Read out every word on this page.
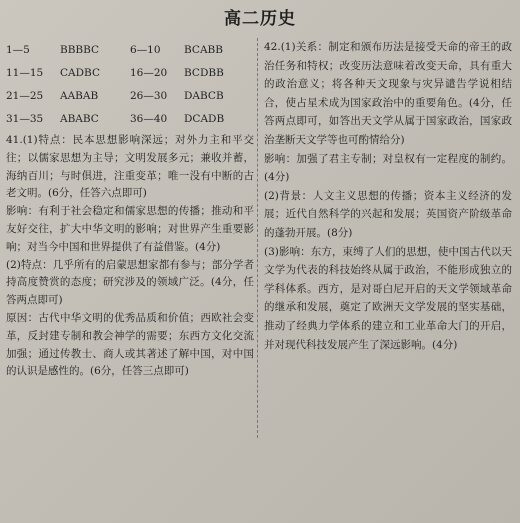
高二历史
1—5	BBBBC	6—10 BCABB
11—15 CADBC	16—20 BCDBB
21—25 AABAB	26—30 DABCB
31—35 ABABC	36—40 DCADB

41.(1)特点：民本思想影响深远；对外力主和平交往；以儒家思想为主导；文明发展多元；兼收并蓄，海纳百川；与时俱进，注重变革；唯一没有中断的古老文明。(6分，任答六点即可)

影响：有利于社会稳定和儒家思想的传播；推动和平友好交往，扩大中华文明的影响；对世界产生重要影响；对当今中国和世界提供了有益借鉴。(4分)

(2)特点：几乎所有的启蒙思想家都有参与；部分学者持高度赞赏的态度；研究涉及的领域广泛。(4分，任答两点即可)

原因：古代中华文明的优秀品质和价值；西欧社会变革，反封建专制和教会神学的需要；东西方文化交流加强；通过传教士、商人或其著述了解中国，对中国的认识是感性的。(6分，任答三点即可)

42.(1)关系：制定和颁布历法是接受天命的帝王的政治任务和特权；改变历法意味着改变天命，具有重大的政治意义；将各种天文现象与灾异谴告学说相结合，使占星术成为国家政治中的重要角色。(4分，任答两点即可，如答出天文学从属于国家政治，国家政治垄断天文学等也可酌情给分)

影响：加强了君主专制；对皇权有一定程度的制约。(4分)

(2)背景：人文主义思想的传播；资本主义经济的发展；近代自然科学的兴起和发展；英国资产阶级革命的蓬勃开展。(8分)

(3)影响：东方，束缚了人们的思想，使中国古代以天文学为代表的科技始终从属于政治，不能形成独立的学科体系。西方，是对哥白尼开启的天文学领域革命的继承和发展，奠定了欧洲天文学发展的坚实基础，推动了经典力学体系的建立和工业革命大门的开启，并对现代科技发展产生了深远影响。(4分)
